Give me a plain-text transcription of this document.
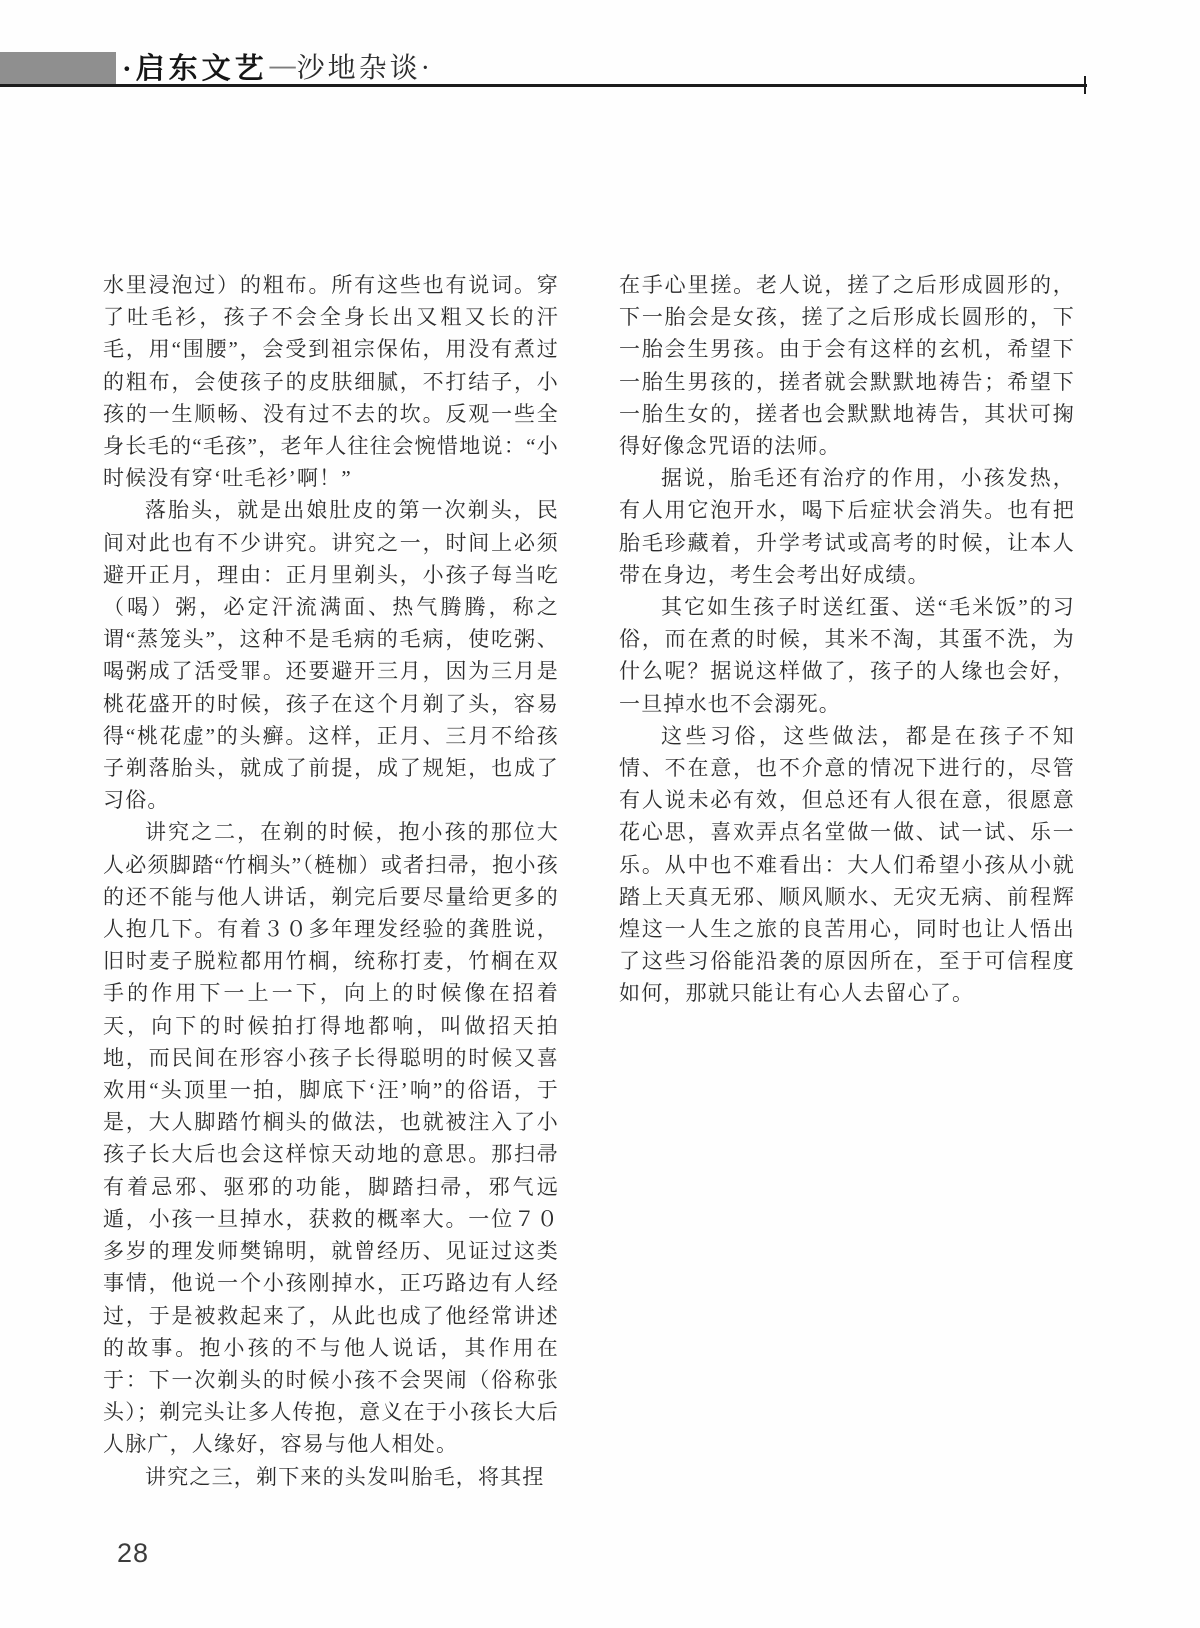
·启东文艺 — 沙地杂谈·

水里浸泡过）的粗布。所有这些也有说词。穿了吐毛衫，孩子不会全身长出又粗又长的汗毛，用“围腰”，会受到祖宗保佑，用没有煮过的粗布，会使孩子的皮肤细腻，不打结子，小孩的一生顺畅、没有过不去的坎。反观一些全身长毛的“毛孩”，老年人往往会惋惜地说：“小时候没有穿‘吐毛衫’啊！”

落胎头，就是出娘肚皮的第一次剃头，民间对此也有不少讲究。讲究之一，时间上必须避开正月，理由：正月里剃头，小孩子每当吃（喝）粥，必定汗流满面、热气腾腾，称之谓“蒸笼头”，这种不是毛病的毛病，使吃粥、喝粥成了活受罪。还要避开三月，因为三月是桃花盛开的时候，孩子在这个月剃了头，容易得“桃花虚”的头癣。这样，正月、三月不给孩子剃落胎头，就成了前提，成了规矩，也成了习俗。

讲究之二，在剃的时候，抱小孩的那位大人必须脚踏“竹榈头”（梿枷）或者扫帚，抱小孩的还不能与他人讲话，剃完后要尽量给更多的人抱几下。有着３０多年理发经验的龚胜说，旧时麦子脱粒都用竹榈，统称打麦，竹榈在双手的作用下一上一下，向上的时候像在招着天，向下的时候拍打得地都响，叫做招天拍地，而民间在形容小孩子长得聪明的时候又喜欢用“头顶里一拍，脚底下‘汪’响”的俗语，于是，大人脚踏竹榈头的做法，也就被注入了小孩子长大后也会这样惊天动地的意思。那扫帚有着忌邪、驱邪的功能，脚踏扫帚，邪气远遁，小孩一旦掉水，获救的概率大。一位７０多岁的理发师樊锦明，就曾经历、见证过这类事情，他说一个小孩刚掉水，正巧路边有人经过，于是被救起来了，从此也成了他经常讲述的故事。抱小孩的不与他人说话，其作用在于：下一次剃头的时候小孩不会哭闹（俗称张头）；剃完头让多人传抱，意义在于小孩长大后人脉广，人缘好，容易与他人相处。

讲究之三，剃下来的头发叫胎毛，将其捏

在手心里搓。老人说，搓了之后形成圆形的，下一胎会是女孩，搓了之后形成长圆形的，下一胎会生男孩。由于会有这样的玄机，希望下一胎生男孩的，搓者就会默默地祷告；希望下一胎生女的，搓者也会默默地祷告，其状可掬得好像念咒语的法师。

据说，胎毛还有治疗的作用，小孩发热，有人用它泡开水，喝下后症状会消失。也有把胎毛珍藏着，升学考试或高考的时候，让本人带在身边，考生会考出好成绩。

其它如生孩子时送红蛋、送“毛米饭”的习俗，而在煮的时候，其米不淘，其蛋不洗，为什么呢？据说这样做了，孩子的人缘也会好，一旦掉水也不会溺死。

这些习俗，这些做法，都是在孩子不知情、不在意，也不介意的情况下进行的，尽管有人说未必有效，但总还有人很在意，很愿意花心思，喜欢弄点名堂做一做、试一试、乐一乐。从中也不难看出：大人们希望小孩从小就踏上天真无邪、顺风顺水、无灾无病、前程辉煌这一人生之旅的良苦用心，同时也让人悟出了这些习俗能沿袭的原因所在，至于可信程度如何，那就只能让有心人去留心了。

28
